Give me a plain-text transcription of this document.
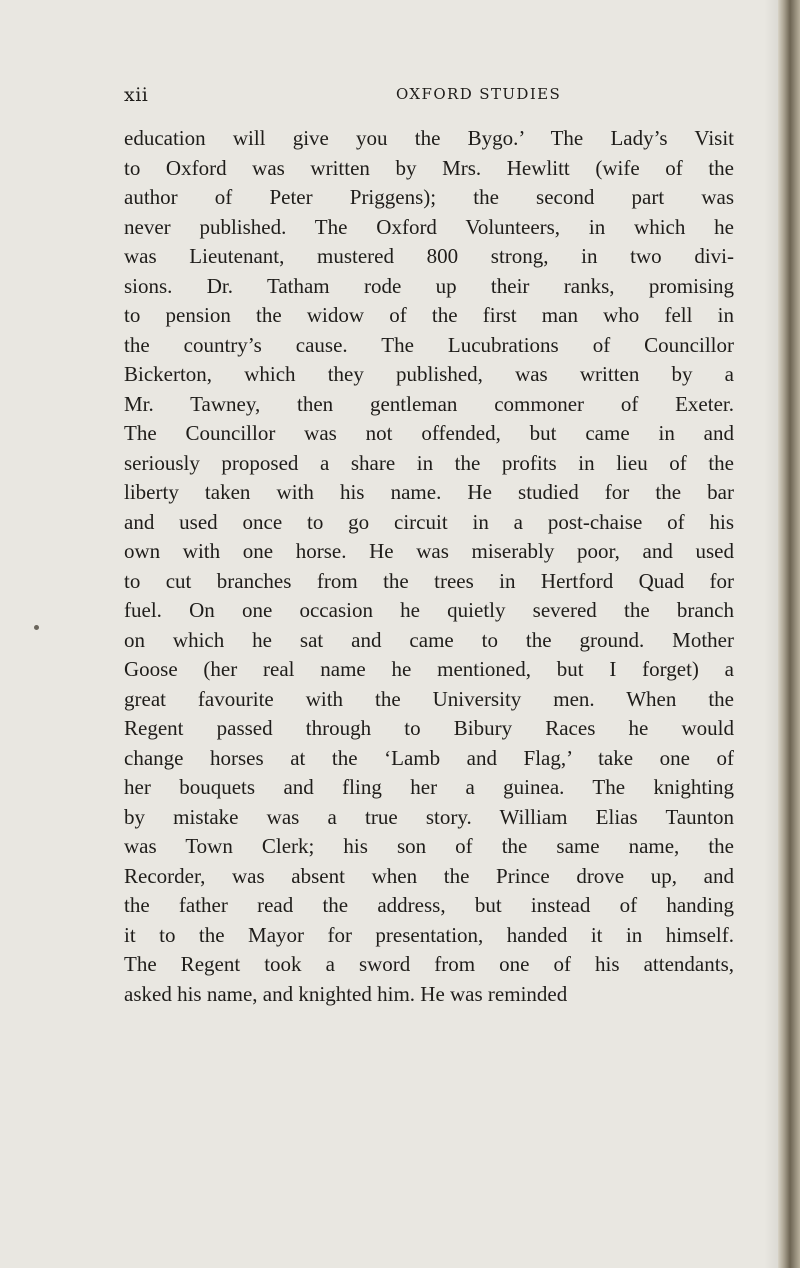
xii	OXFORD STUDIES
education will give you the Bygo.’ The Lady’s Visit
to Oxford was written by Mrs. Hewlitt (wife of the
author of Peter Priggens); the second part was
never published. The Oxford Volunteers, in which he
was Lieutenant, mustered 800 strong, in two divi-
sions. Dr. Tatham rode up their ranks, promising
to pension the widow of the first man who fell in
the country’s cause. The Lucubrations of Councillor
Bickerton, which they published, was written by a
Mr. Tawney, then gentleman commoner of Exeter.
The Councillor was not offended, but came in and
seriously proposed a share in the profits in lieu of the
liberty taken with his name. He studied for the bar
and used once to go circuit in a post-chaise of his
own with one horse. He was miserably poor, and used
to cut branches from the trees in Hertford Quad for
fuel. On one occasion he quietly severed the branch
on which he sat and came to the ground. Mother
Goose (her real name he mentioned, but I forget) a
great favourite with the University men. When the
Regent passed through to Bibury Races he would
change horses at the ‘Lamb and Flag,’ take one of
her bouquets and fling her a guinea. The knighting
by mistake was a true story. William Elias Taunton
was Town Clerk; his son of the same name, the
Recorder, was absent when the Prince drove up, and
the father read the address, but instead of handing
it to the Mayor for presentation, handed it in himself.
The Regent took a sword from one of his attendants,
asked his name, and knighted him. He was reminded
